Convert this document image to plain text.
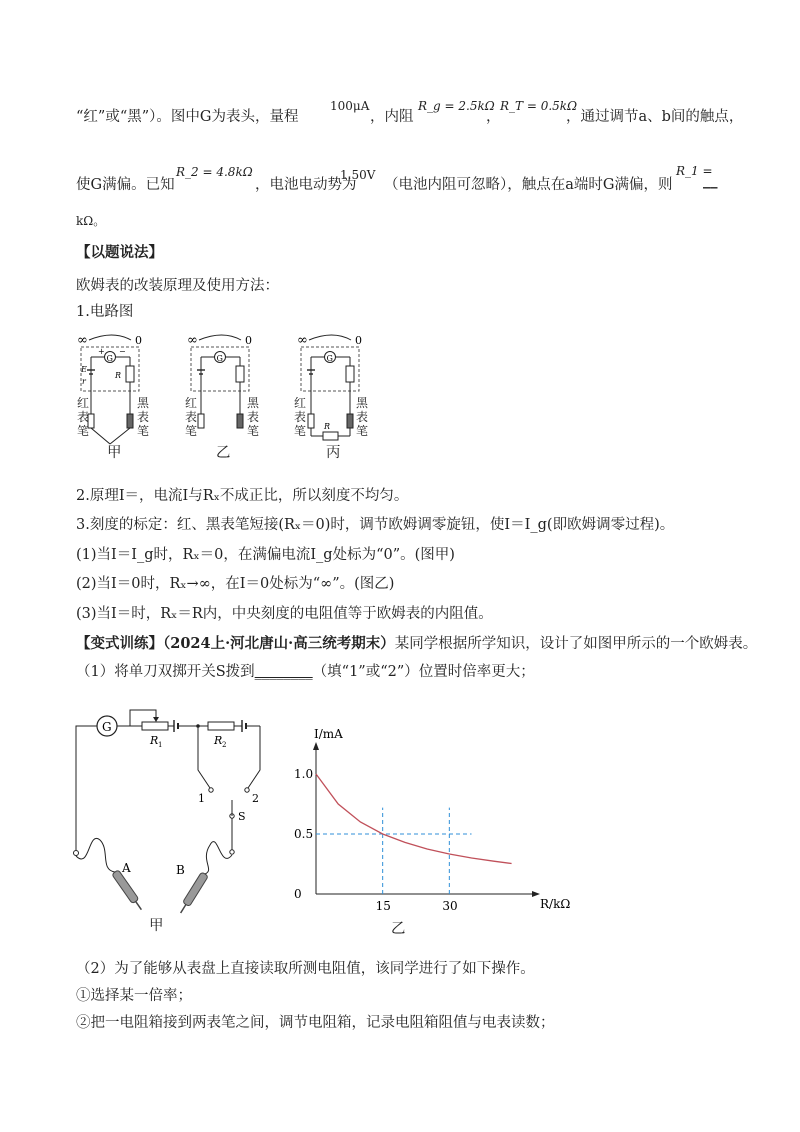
“红”或“黑”）。图中G为表头，量程
100μA
，内阻
R_g = 2.5kΩ
，
R_T = 0.5kΩ
，通过调节a、b间的触点，
使G满偏。已知
R_2 = 4.8kΩ
，电池电动势为
1.50V
（电池内阻可忽略），触点在a端时G满偏，则
R_1 =
__
kΩ。
【以题说法】
欧姆表的改装原理及使用方法：
1.电路图
∞	0
G
+ −
E
r
R
∞	0
G
∞	0
G
R
红
表
笔
黑
表
笔
红
表
笔
黑
表
笔
红
表
笔
黑
表
笔
甲	乙	丙
2.原理I＝，电流I与Rₓ不成正比，所以刻度不均匀。
3.刻度的标定：红、黑表笔短接(Rₓ＝0)时，调节欧姆调零旋钮，使I＝I_g(即欧姆调零过程)。
(1)当I＝I_g时，Rₓ＝0，在满偏电流I_g处标为“0”。(图甲)
(2)当I＝0时，Rₓ→∞，在I＝0处标为“∞”。(图乙)
(3)当I＝时，Rₓ＝R内，中央刻度的电阻值等于欧姆表的内阻值。
【变式训练】（2024上·河北唐山·高三统考期末）某同学根据所学知识，设计了如图甲所示的一个欧姆表。
（1）将单刀双掷开关S拨到________（填“1”或“2”）位置时倍率更大；
G
R 1	R 2
1	2
S
A	B
甲
I/mA
R/kΩ
1.0
0.5
0
15	30
乙
（2）为了能够从表盘上直接读取所测电阻值，该同学进行了如下操作。
①选择某一倍率；
②把一电阻箱接到两表笔之间，调节电阻箱，记录电阻箱阻值与电表读数；
